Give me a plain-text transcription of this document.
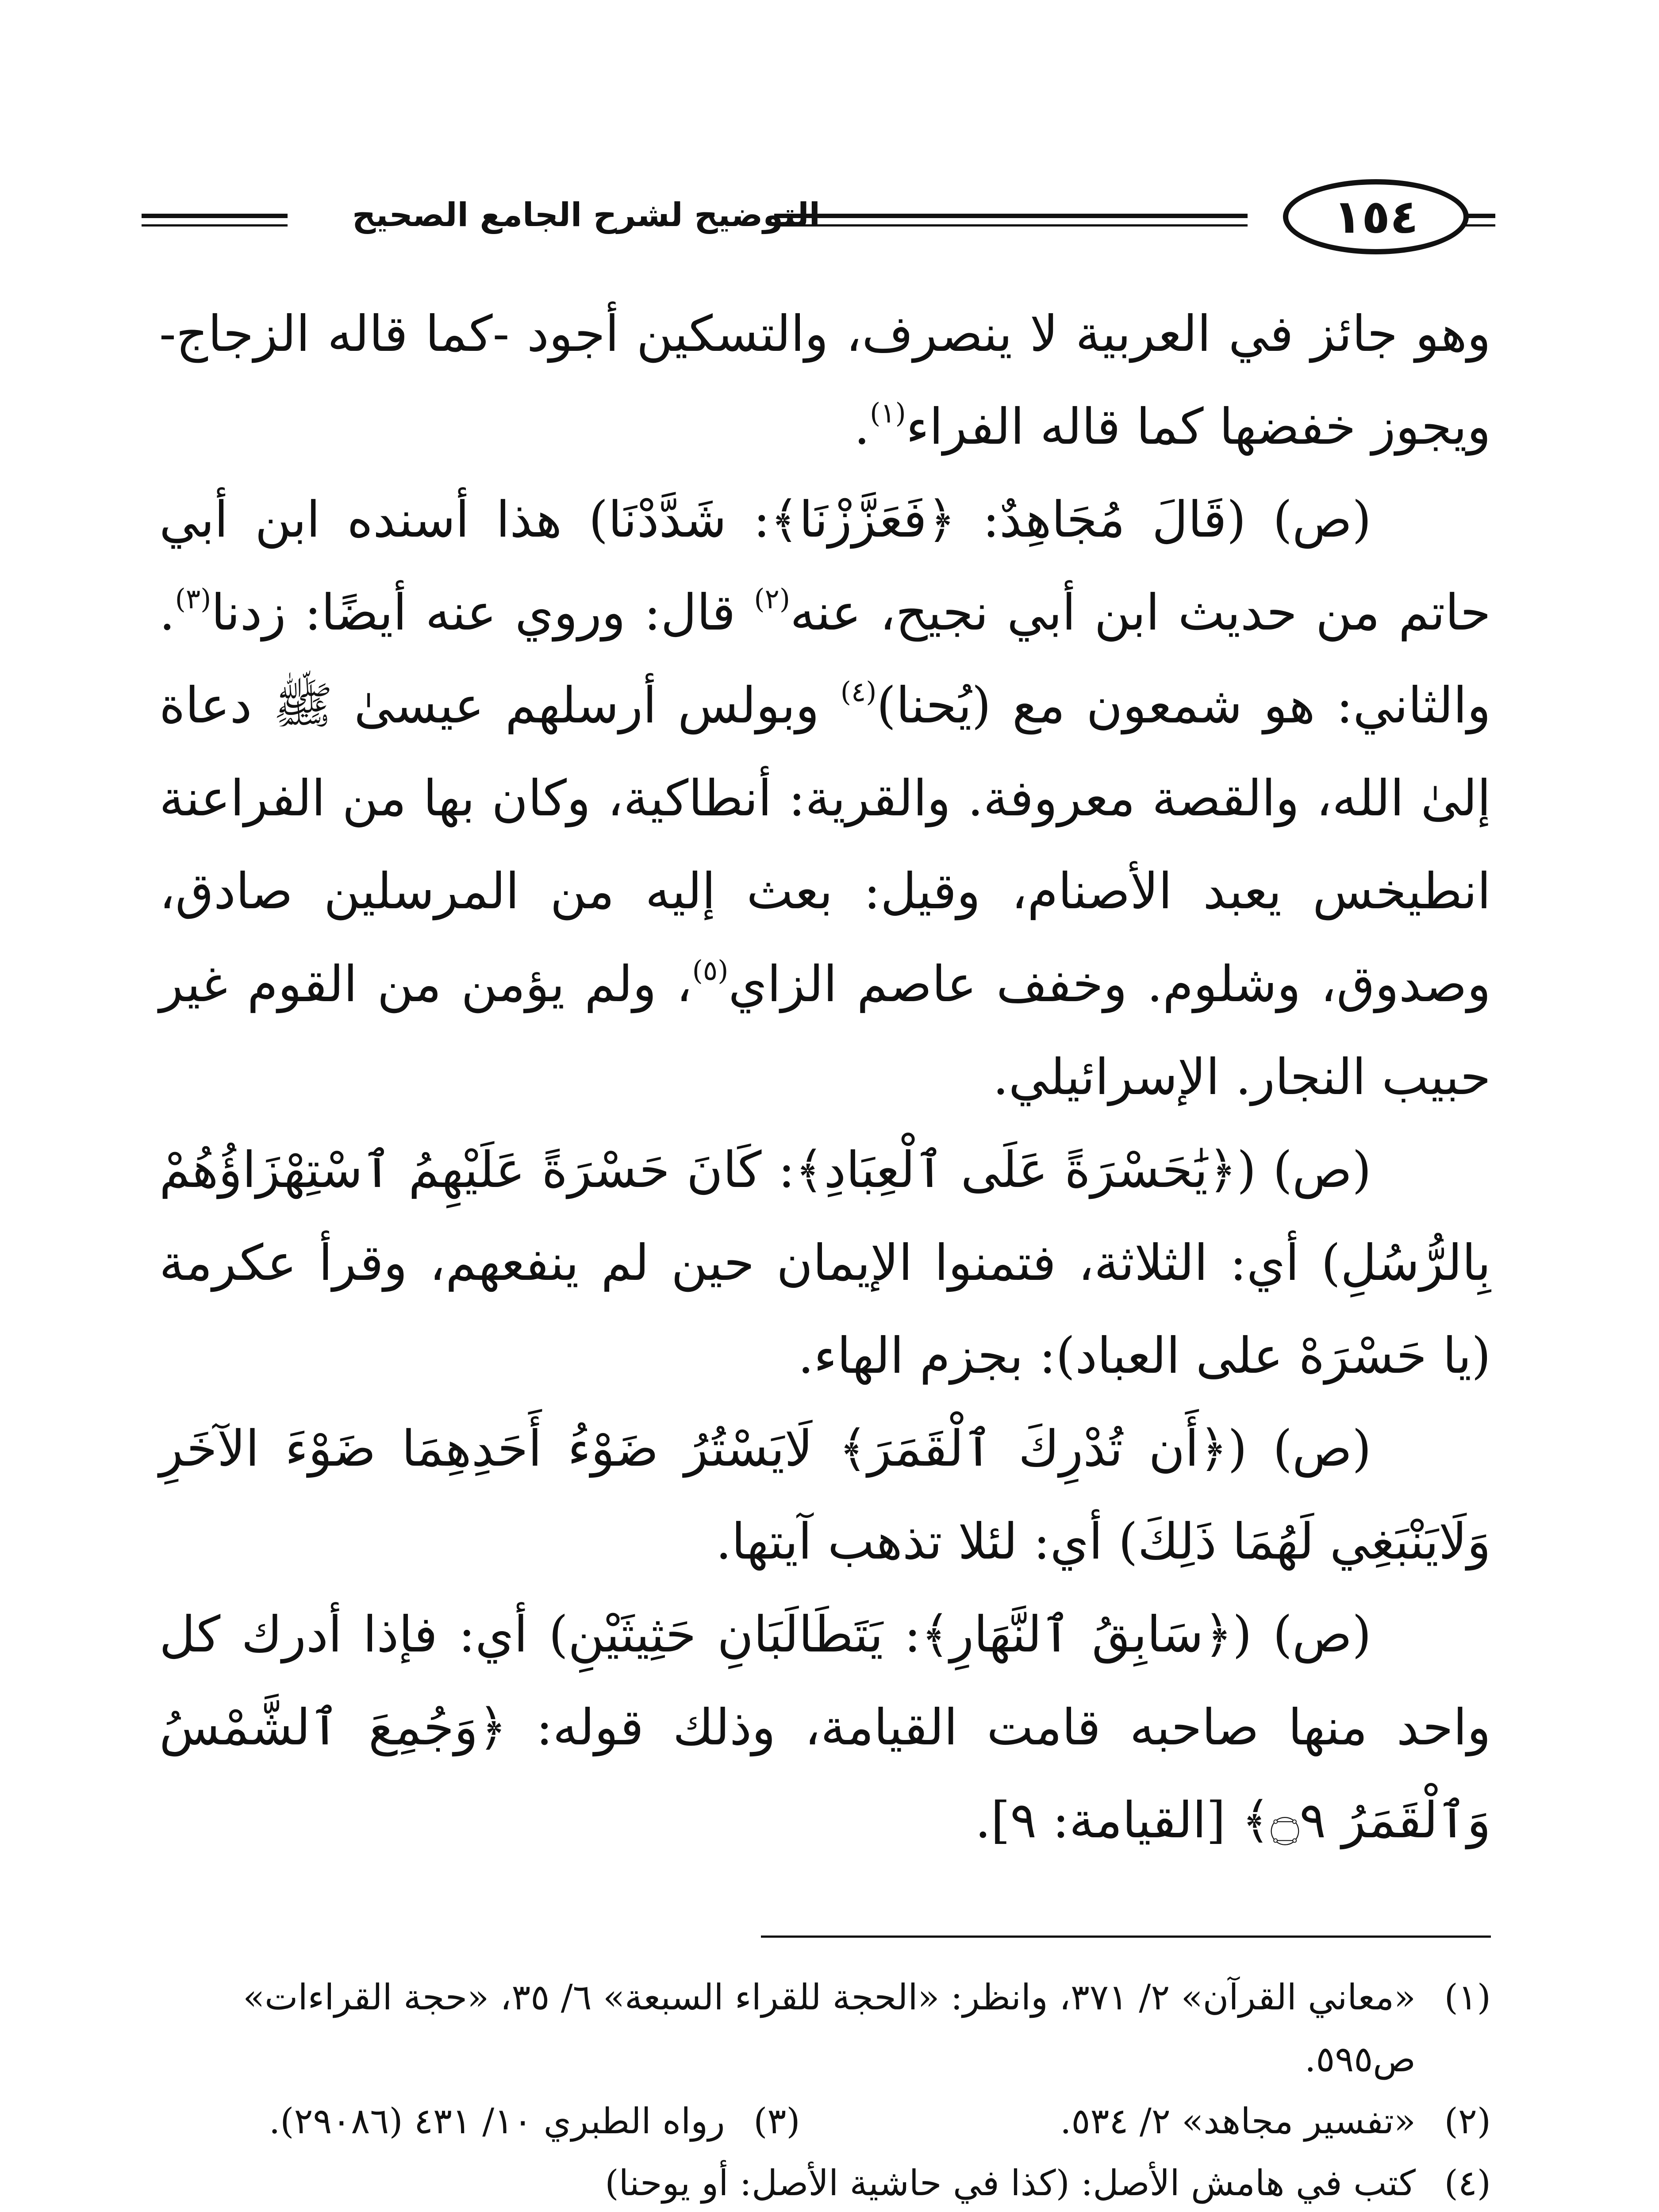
١٥٤
التوضيح لشرح الجامع الصحيح

وهو جائز في العربية لا ينصرف، والتسكين أجود -كما قاله الزجاج- ويجوز خفضها كما قاله الفراء$^{(١)}$.

(ص) (قَالَ مُجَاهِدٌ: ﴿فَعَزَّزْنَا﴾: شَدَّدْنَا) هذا أسنده ابن أبي حاتم من حديث ابن أبي نجيح، عنه$^{(٢)}$ قال: وروي عنه أيضًا: زدنا$^{(٣)}$. والثاني: هو شمعون مع (يُحنا)$^{(٤)}$ وبولس أرسلهم عيسىٰ ﷺ دعاة إلىٰ الله، والقصة معروفة. والقرية: أنطاكية، وكان بها من الفراعنة انطيخس يعبد الأصنام، وقيل: بعث إليه من المرسلين صادق، وصدوق، وشلوم. وخفف عاصم الزاي$^{(٥)}$، ولم يؤمن من القوم غير حبيب النجار. الإسرائيلي.

(ص) (﴿يَٰحَسْرَةً عَلَى ٱلْعِبَادِ﴾: كَانَ حَسْرَةً عَلَيْهِمُ ٱسْتِهْزَاؤُهُمْ بِالرُّسُلِ) أي: الثلاثة، فتمنوا الإيمان حين لم ينفعهم، وقرأ عكرمة (يا حَسْرَهْ على العباد): بجزم الهاء.

(ص) (﴿أَن تُدْرِكَ ٱلْقَمَرَ﴾ لَايَسْتُرُ ضَوْءُ أَحَدِهِمَا ضَوْءَ الآخَرِ وَلَايَنْبَغِي لَهُمَا ذَلِكَ) أي: لئلا تذهب آيتها.

(ص) (﴿سَابِقُ ٱلنَّهَارِ﴾: يَتَطَالَبَانِ حَثِيثَيْنِ) أي: فإذا أدرك كل واحد منها صاحبه قامت القيامة، وذلك قوله: ﴿وَجُمِعَ ٱلشَّمْسُ وَٱلْقَمَرُ ۝٩﴾ [القيامة: ٩].

(١)
«معاني القرآن» ٢/ ٣٧١، وانظر: «الحجة للقراء السبعة» ٦/ ٣٥، «حجة القراءات» ص٥٩٥.

(٢)
«تفسير مجاهد» ٢/ ٥٣٤.
(٣)
رواه الطبري ١٠/ ٤٣١ (٢٩٠٨٦).

(٤)
كتب في هامش الأصل: (كذا في حاشية الأصل: أو يوحنا)
